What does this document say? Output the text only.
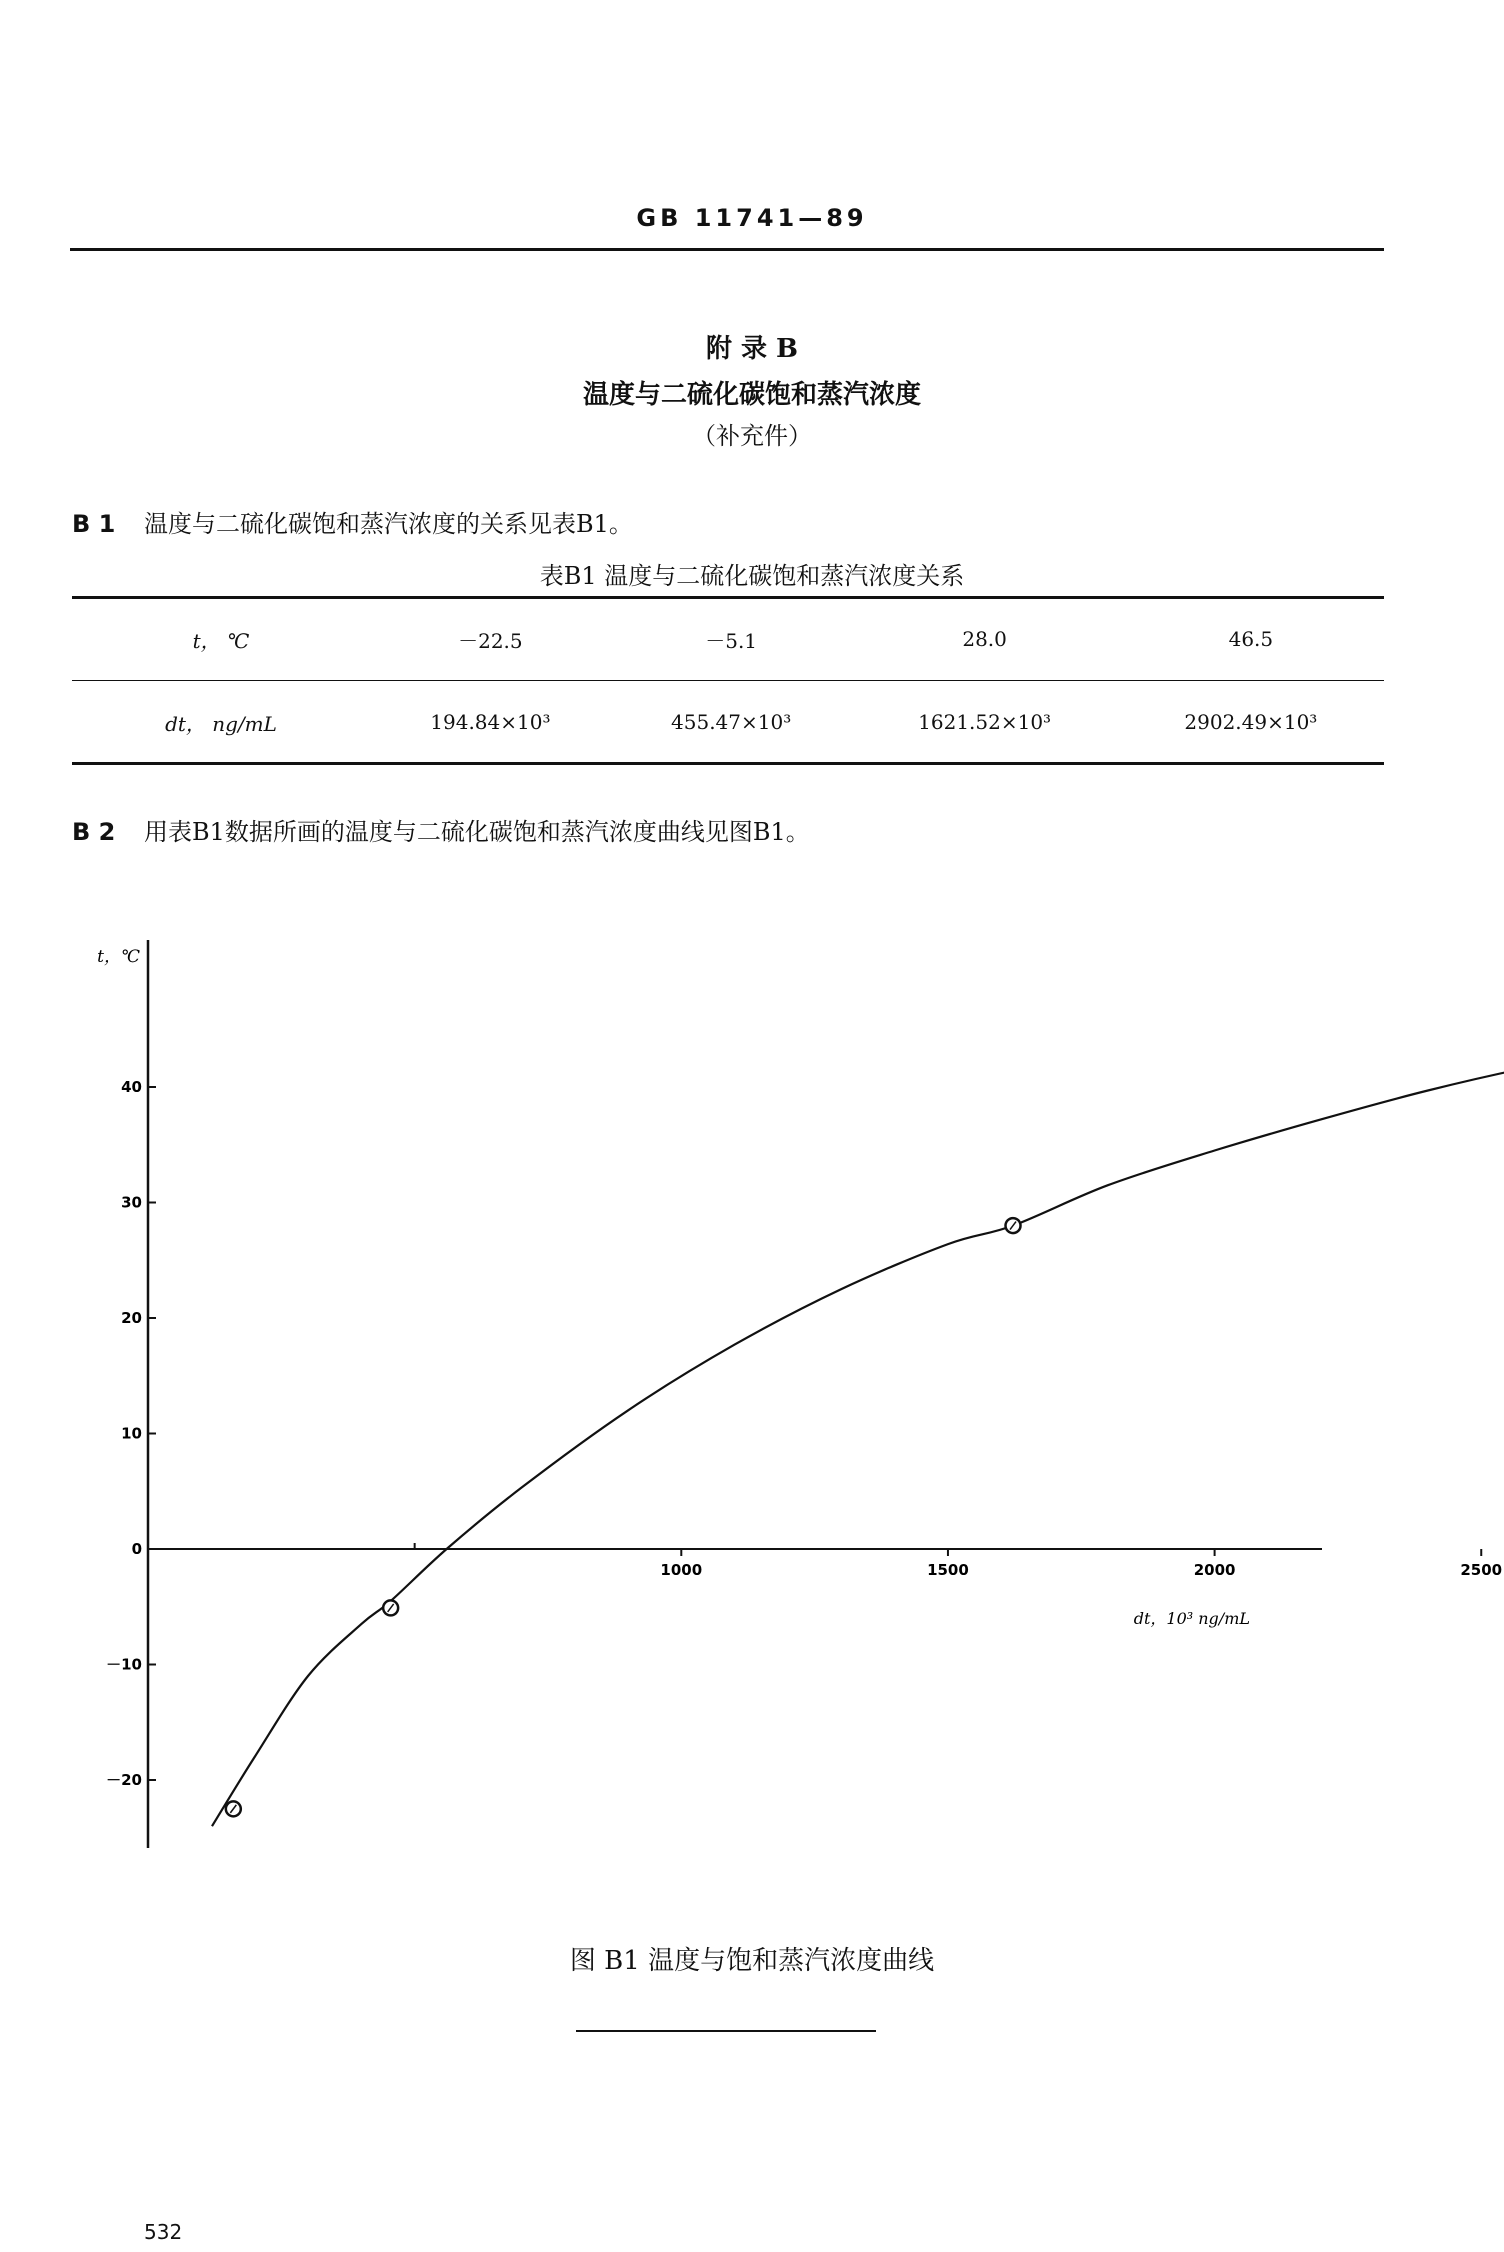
GB 11741—89
附 录 B
温度与二硫化碳饱和蒸汽浓度
（补充件）
B 1 温度与二硫化碳饱和蒸汽浓度的关系见表B1。
表B1 温度与二硫化碳饱和蒸汽浓度关系
t， ℃	－22.5	－5.1	28.0	46.5
dt， ng/mL	194.84×10³	455.47×10³	1621.52×10³	2902.49×10³
B 2 用表B1数据所画的温度与二硫化碳饱和蒸汽浓度曲线见图B1。
t，℃
－20
－10
0
10
20
30
40
1000	1500	2000	2500
dt，10³ ng/mL
图 B1 温度与饱和蒸汽浓度曲线
532
